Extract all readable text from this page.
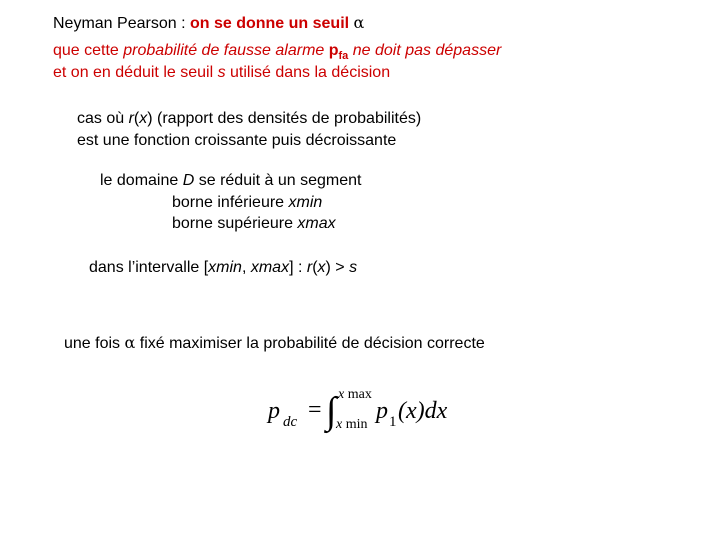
Neyman Pearson : on se donne un seuil α
que cette probabilité de fausse alarme $p_{fa}$ ne doit pas dépasser
et on en déduit le seuil s utilisé dans la décision
cas où r(x) (rapport des densités de probabilités)
est une fonction croissante puis décroissante
le domaine D se réduit à un segment
borne inférieure xmin
borne supérieure xmax
dans l’intervalle [xmin, xmax] : r(x) > s
une fois α fixé maximiser la probabilité de décision correcte
p dc = ∫ x max
x min
p 1 (x)dx
